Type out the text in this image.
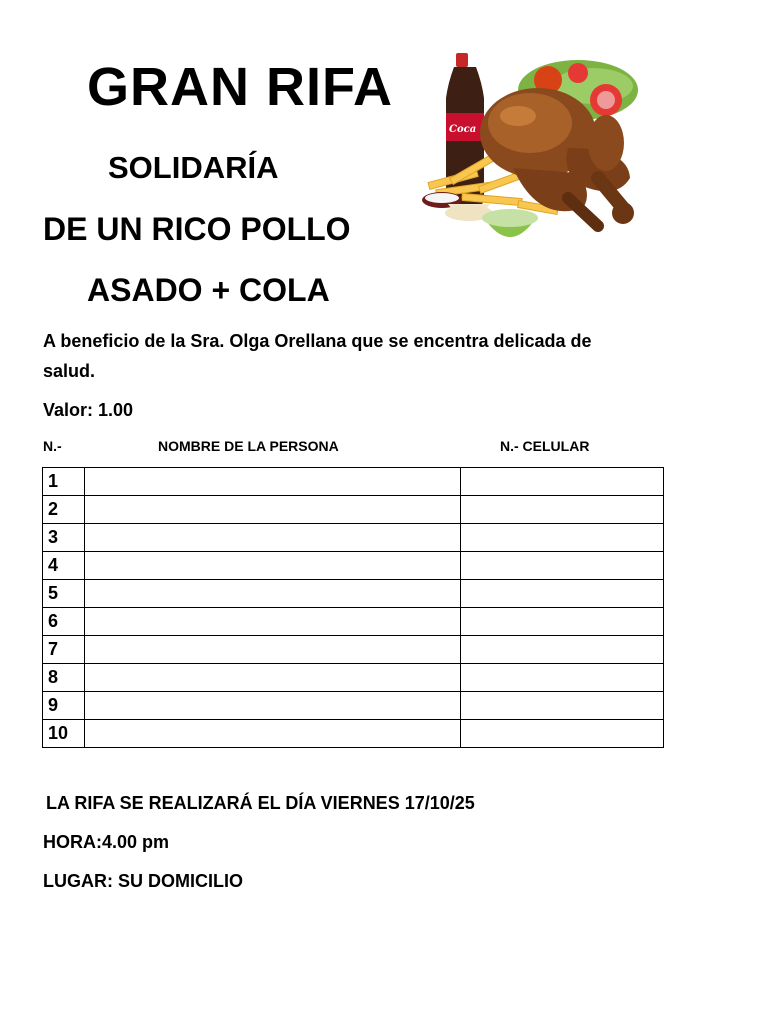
GRAN RIFA
SOLIDARÍA
DE UN RICO POLLO
ASADO + COLA
Coca
A beneficio de la Sra. Olga Orellana que se encentra delicada de salud.
Valor: 1.00
N.-	NOMBRE DE LA PERSONA	N.- CELULAR
1		
2		
3		
4		
5		
6		
7		
8		
9		
10		
LA RIFA SE REALIZARÁ EL DÍA VIERNES 17/10/25
HORA:4.00 pm
LUGAR: SU DOMICILIO
